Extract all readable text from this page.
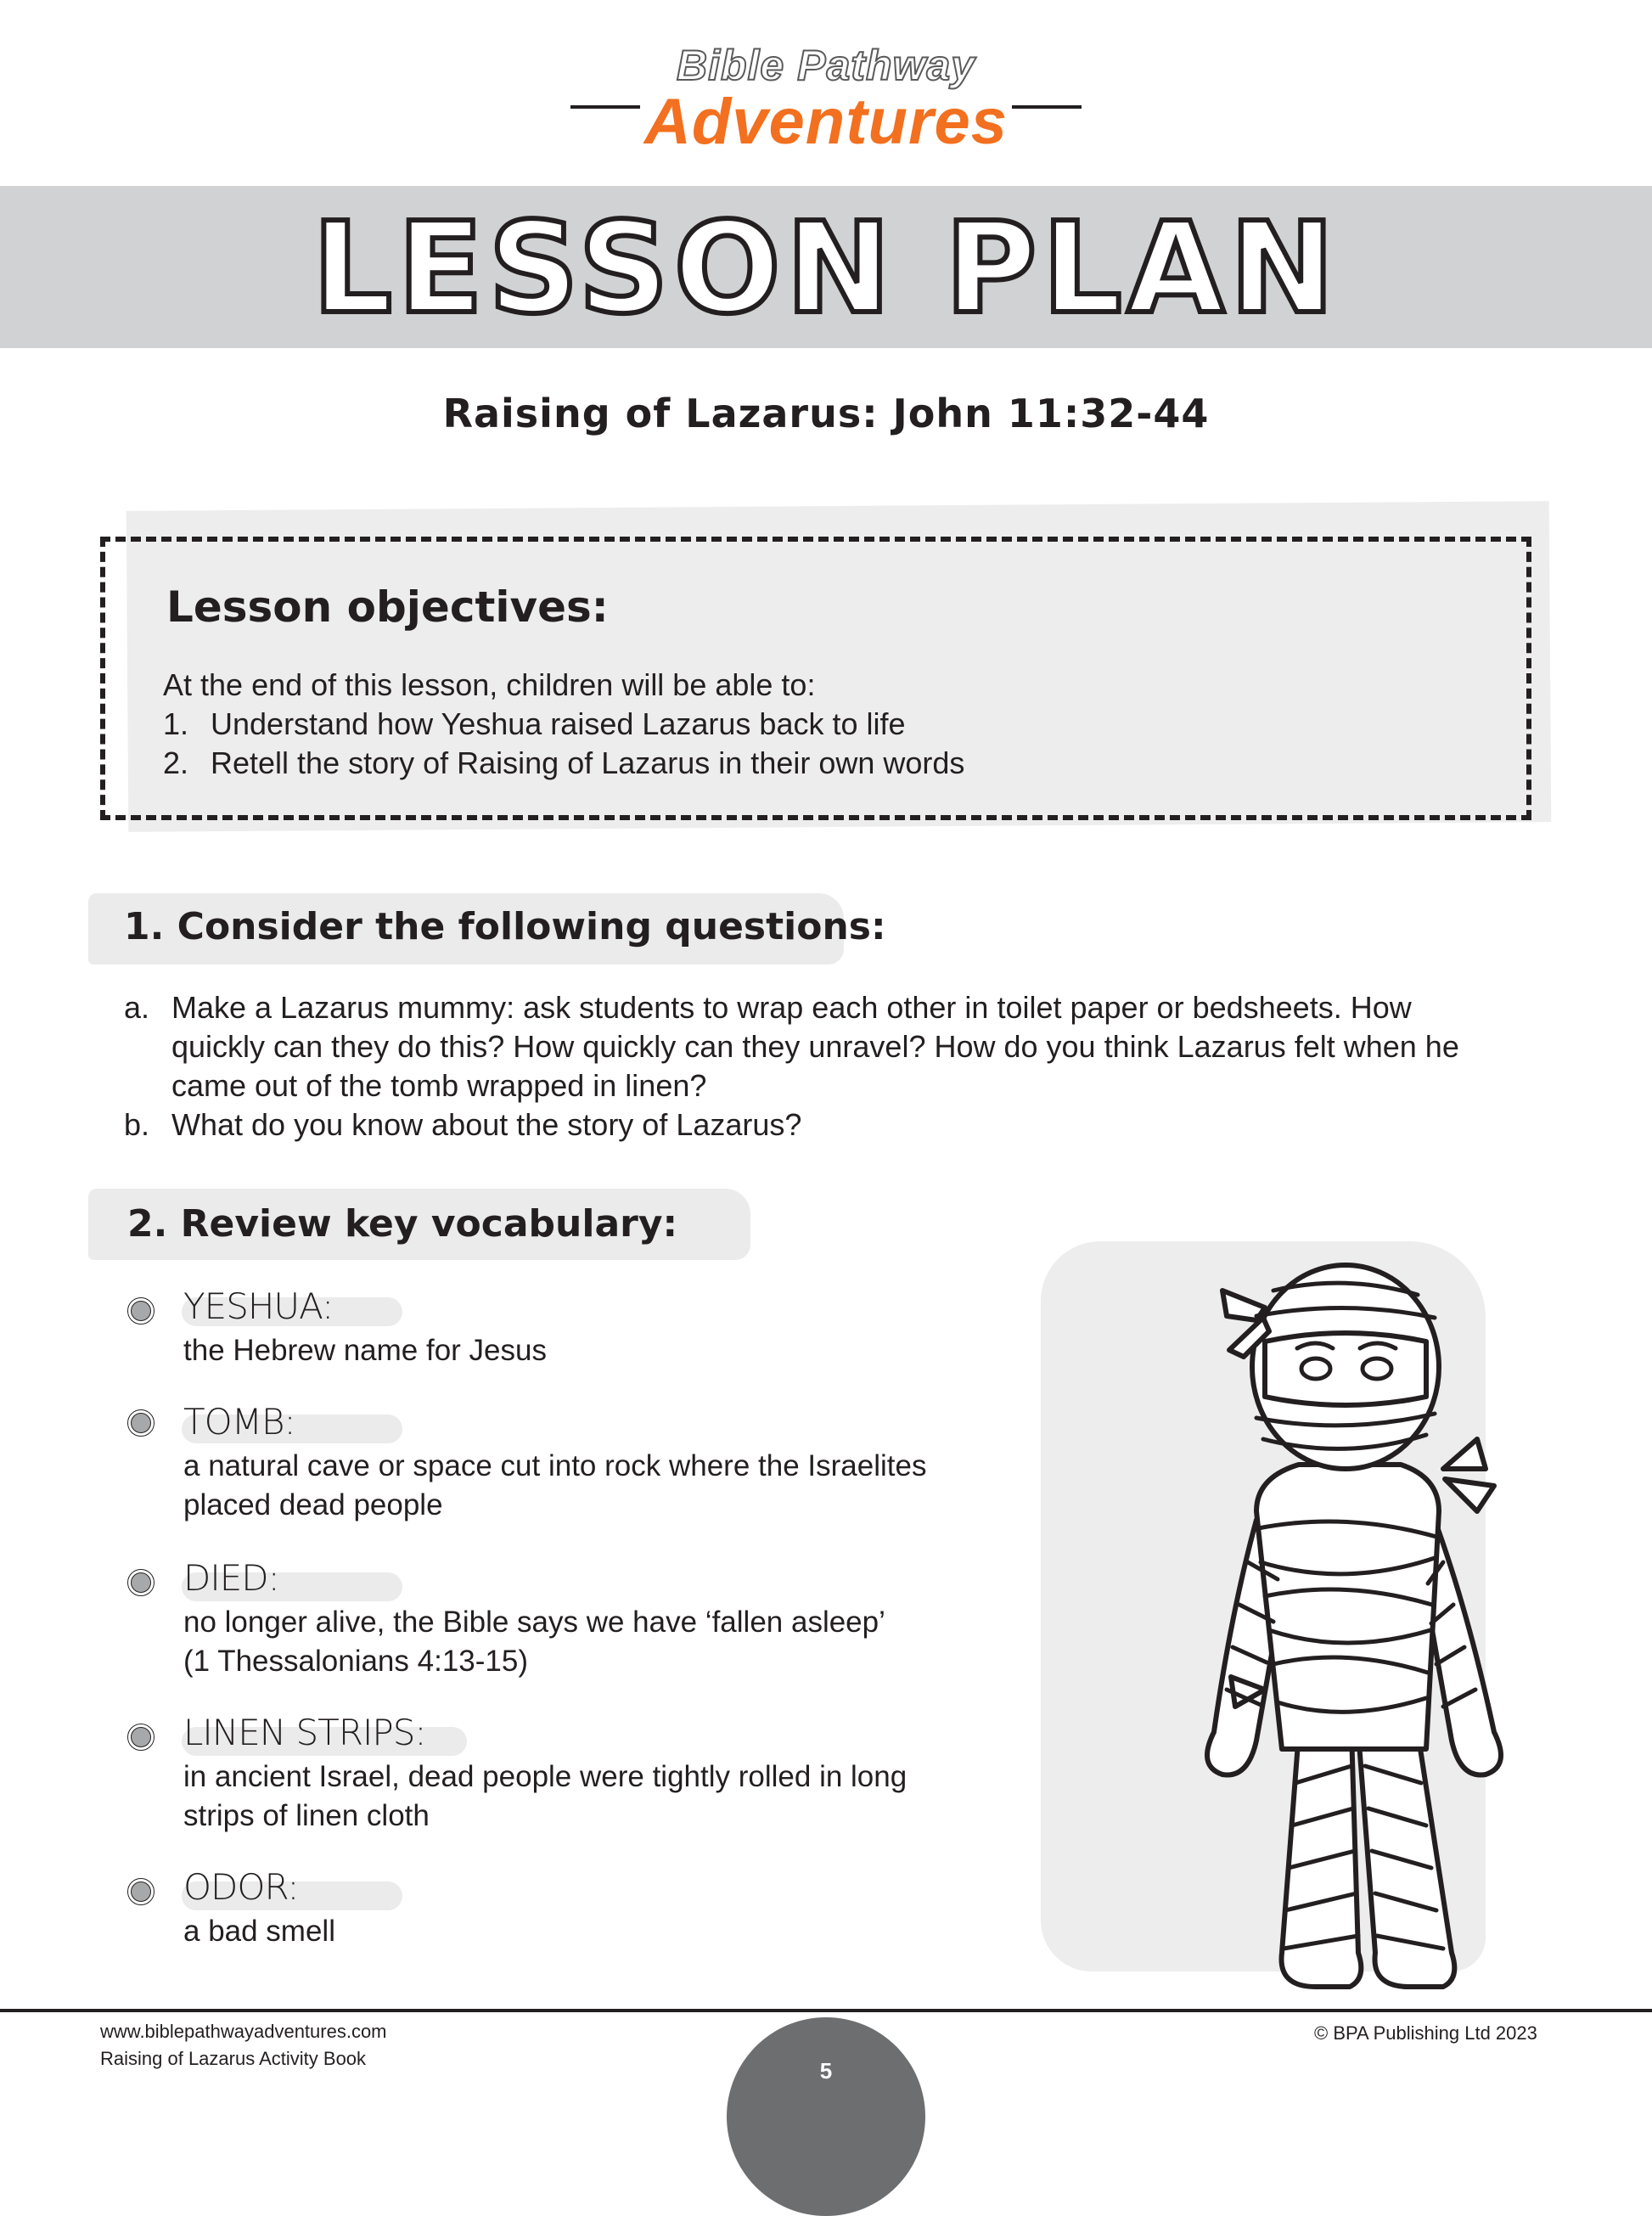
Bible Pathway
Adventures
LESSON PLAN
Raising of Lazarus: John 11:32-44
Lesson objectives:
At the end of this lesson, children will be able to:
1. Understand how Yeshua raised Lazarus back to life
2. Retell the story of Raising of Lazarus in their own words
1. Consider the following questions:
a. Make a Lazarus mummy: ask students to wrap each other in toilet paper or bedsheets. How
quickly can they do this? How quickly can they unravel? How do you think Lazarus felt when he
came out of the tomb wrapped in linen?
b. What do you know about the story of Lazarus?
2. Review key vocabulary:
YESHUA:
the Hebrew name for Jesus
TOMB:
a natural cave or space cut into rock where the Israelites
placed dead people
DIED:
no longer alive, the Bible says we have ‘fallen asleep’
(1 Thessalonians 4:13-15)
LINEN STRIPS:
in ancient Israel, dead people were tightly rolled in long
strips of linen cloth
ODOR:
a bad smell
www.biblepathwayadventures.com
Raising of Lazarus Activity Book
© BPA Publishing Ltd 2023
5
